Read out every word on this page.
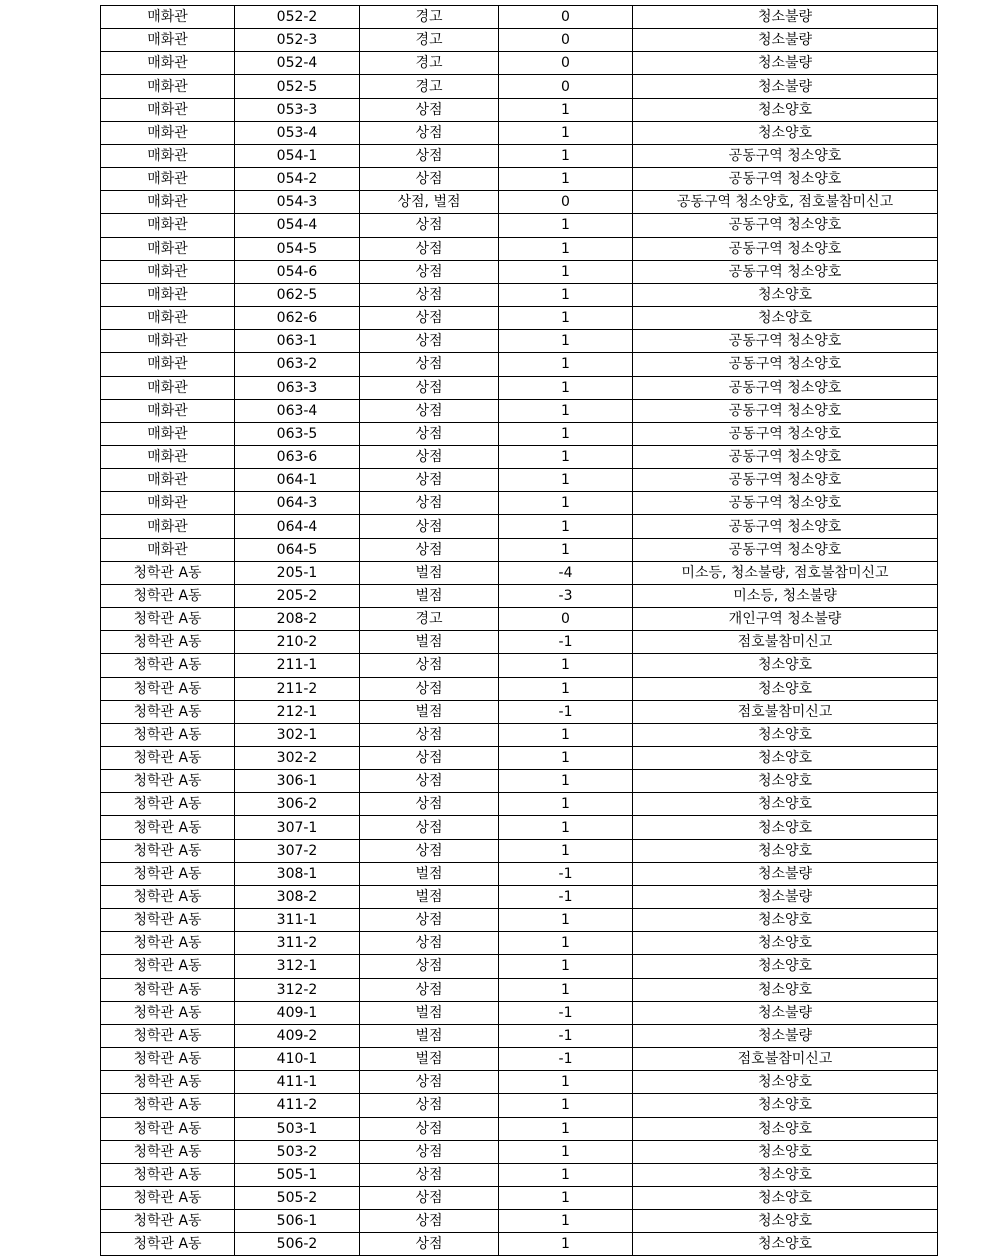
매화관	052-2	경고	0	청소불량
매화관	052-3	경고	0	청소불량
매화관	052-4	경고	0	청소불량
매화관	052-5	경고	0	청소불량
매화관	053-3	상점	1	청소양호
매화관	053-4	상점	1	청소양호
매화관	054-1	상점	1	공동구역 청소양호
매화관	054-2	상점	1	공동구역 청소양호
매화관	054-3	상점, 벌점	0	공동구역 청소양호, 점호불참미신고
매화관	054-4	상점	1	공동구역 청소양호
매화관	054-5	상점	1	공동구역 청소양호
매화관	054-6	상점	1	공동구역 청소양호
매화관	062-5	상점	1	청소양호
매화관	062-6	상점	1	청소양호
매화관	063-1	상점	1	공동구역 청소양호
매화관	063-2	상점	1	공동구역 청소양호
매화관	063-3	상점	1	공동구역 청소양호
매화관	063-4	상점	1	공동구역 청소양호
매화관	063-5	상점	1	공동구역 청소양호
매화관	063-6	상점	1	공동구역 청소양호
매화관	064-1	상점	1	공동구역 청소양호
매화관	064-3	상점	1	공동구역 청소양호
매화관	064-4	상점	1	공동구역 청소양호
매화관	064-5	상점	1	공동구역 청소양호
청학관 A동	205-1	벌점	-4	미소등, 청소불량, 점호불참미신고
청학관 A동	205-2	벌점	-3	미소등, 청소불량
청학관 A동	208-2	경고	0	개인구역 청소불량
청학관 A동	210-2	벌점	-1	점호불참미신고
청학관 A동	211-1	상점	1	청소양호
청학관 A동	211-2	상점	1	청소양호
청학관 A동	212-1	벌점	-1	점호불참미신고
청학관 A동	302-1	상점	1	청소양호
청학관 A동	302-2	상점	1	청소양호
청학관 A동	306-1	상점	1	청소양호
청학관 A동	306-2	상점	1	청소양호
청학관 A동	307-1	상점	1	청소양호
청학관 A동	307-2	상점	1	청소양호
청학관 A동	308-1	벌점	-1	청소불량
청학관 A동	308-2	벌점	-1	청소불량
청학관 A동	311-1	상점	1	청소양호
청학관 A동	311-2	상점	1	청소양호
청학관 A동	312-1	상점	1	청소양호
청학관 A동	312-2	상점	1	청소양호
청학관 A동	409-1	벌점	-1	청소불량
청학관 A동	409-2	벌점	-1	청소불량
청학관 A동	410-1	벌점	-1	점호불참미신고
청학관 A동	411-1	상점	1	청소양호
청학관 A동	411-2	상점	1	청소양호
청학관 A동	503-1	상점	1	청소양호
청학관 A동	503-2	상점	1	청소양호
청학관 A동	505-1	상점	1	청소양호
청학관 A동	505-2	상점	1	청소양호
청학관 A동	506-1	상점	1	청소양호
청학관 A동	506-2	상점	1	청소양호
